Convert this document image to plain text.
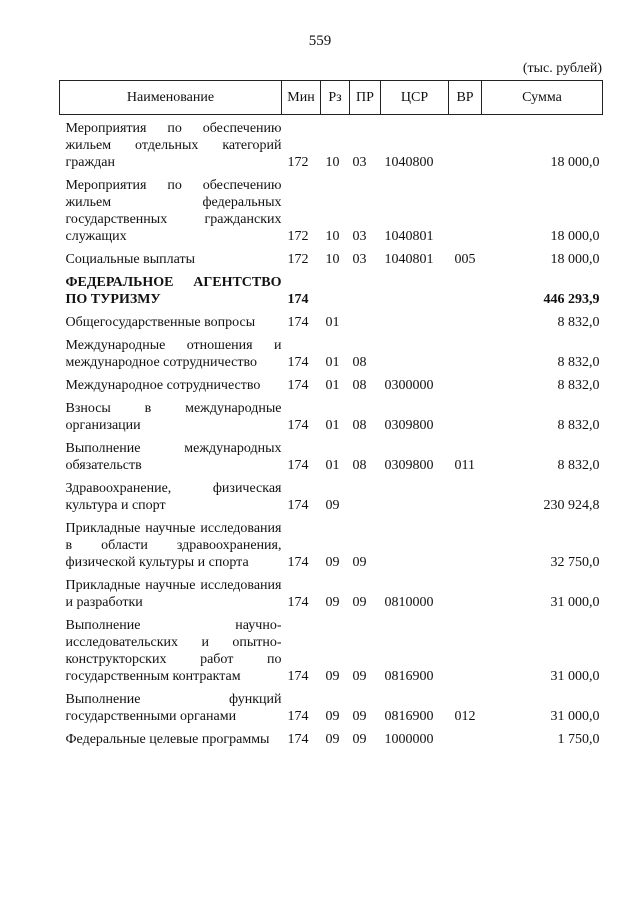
559
(тыс. рублей)
Наименование	Мин	Рз	ПР	ЦСР	ВР	Сумма
Мероприятия по обеспечению жильем отдельных категорий граждан	172	10	03	1040800		18 000,0
Мероприятия по обеспечению жильем федеральных государственных гражданских служащих	172	10	03	1040801		18 000,0
Социальные выплаты	172	10	03	1040801	005	18 000,0
ФЕДЕРАЛЬНОЕ АГЕНТСТВО ПО ТУРИЗМУ	174					446 293,9
Общегосударственные вопросы	174	01				8 832,0
Международные отношения и международное сотрудничество	174	01	08			8 832,0
Международное сотрудничество	174	01	08	0300000		8 832,0
Взносы в международные организации	174	01	08	0309800		8 832,0
Выполнение международных обязательств	174	01	08	0309800	011	8 832,0
Здравоохранение, физическая культура и спорт	174	09				230 924,8
Прикладные научные исследования в области здравоохранения, физической культуры и спорта	174	09	09			32 750,0
Прикладные научные исследования и разработки	174	09	09	0810000		31 000,0
Выполнение научно-исследовательских и опытно-конструкторских работ по государственным контрактам	174	09	09	0816900		31 000,0
Выполнение функций государственными органами	174	09	09	0816900	012	31 000,0
Федеральные целевые программы	174	09	09	1000000		1 750,0
